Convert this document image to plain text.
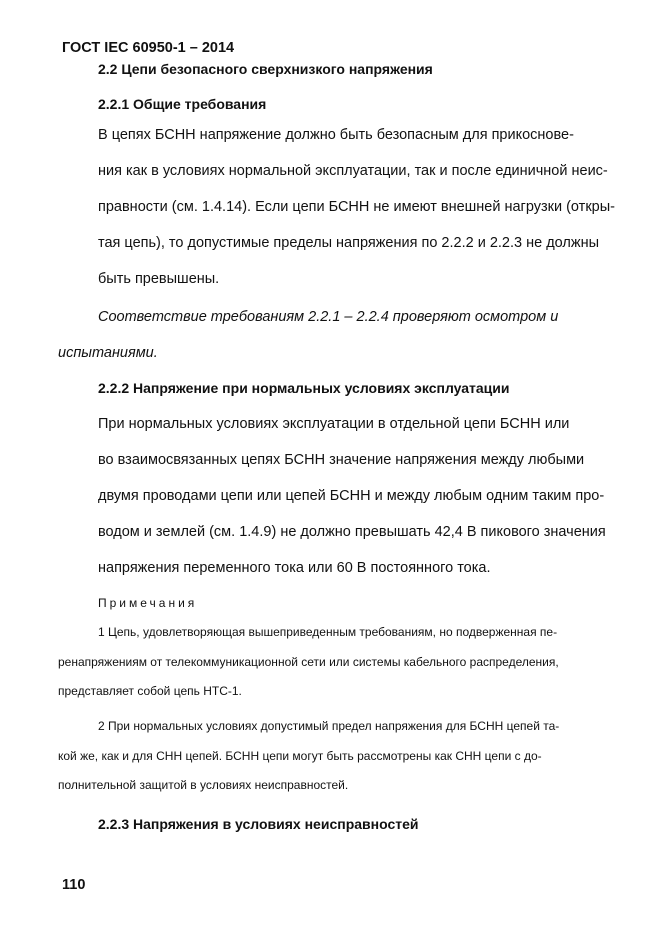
ГОСТ IEC 60950-1 – 2014
2.2 Цепи безопасного сверхнизкого напряжения
2.2.1 Общие требования
В цепях БСНН напряжение должно быть безопасным для прикоснове-
ния как в условиях нормальной эксплуатации, так и после единичной неис-
правности (см. 1.4.14). Если цепи БСНН не имеют внешней нагрузки (откры-
тая цепь), то допустимые пределы напряжения по 2.2.2 и 2.2.3 не должны
быть превышены.
Соответствие требованиям 2.2.1 – 2.2.4 проверяют осмотром и
испытаниями.
2.2.2 Напряжение при нормальных условиях эксплуатации
При нормальных условиях эксплуатации в отдельной цепи БСНН или
во взаимосвязанных цепях БСНН значение напряжения между любыми
двумя проводами цепи или цепей БСНН и между любым одним таким про-
водом и землей (см. 1.4.9) не должно превышать 42,4 В пикового значения
напряжения переменного тока или 60 В постоянного тока.
Примечания
1 Цепь, удовлетворяющая вышеприведенным требованиям, но подверженная пе-
ренапряжениям от телекоммуникационной сети или системы кабельного распределения,
представляет собой цепь НТС-1.
2 При нормальных условиях допустимый предел напряжения для БСНН цепей та-
кой же, как и для СНН цепей. БСНН цепи могут быть рассмотрены как СНН цепи с до-
полнительной защитой в условиях неисправностей.
2.2.3 Напряжения в условиях неисправностей
110
